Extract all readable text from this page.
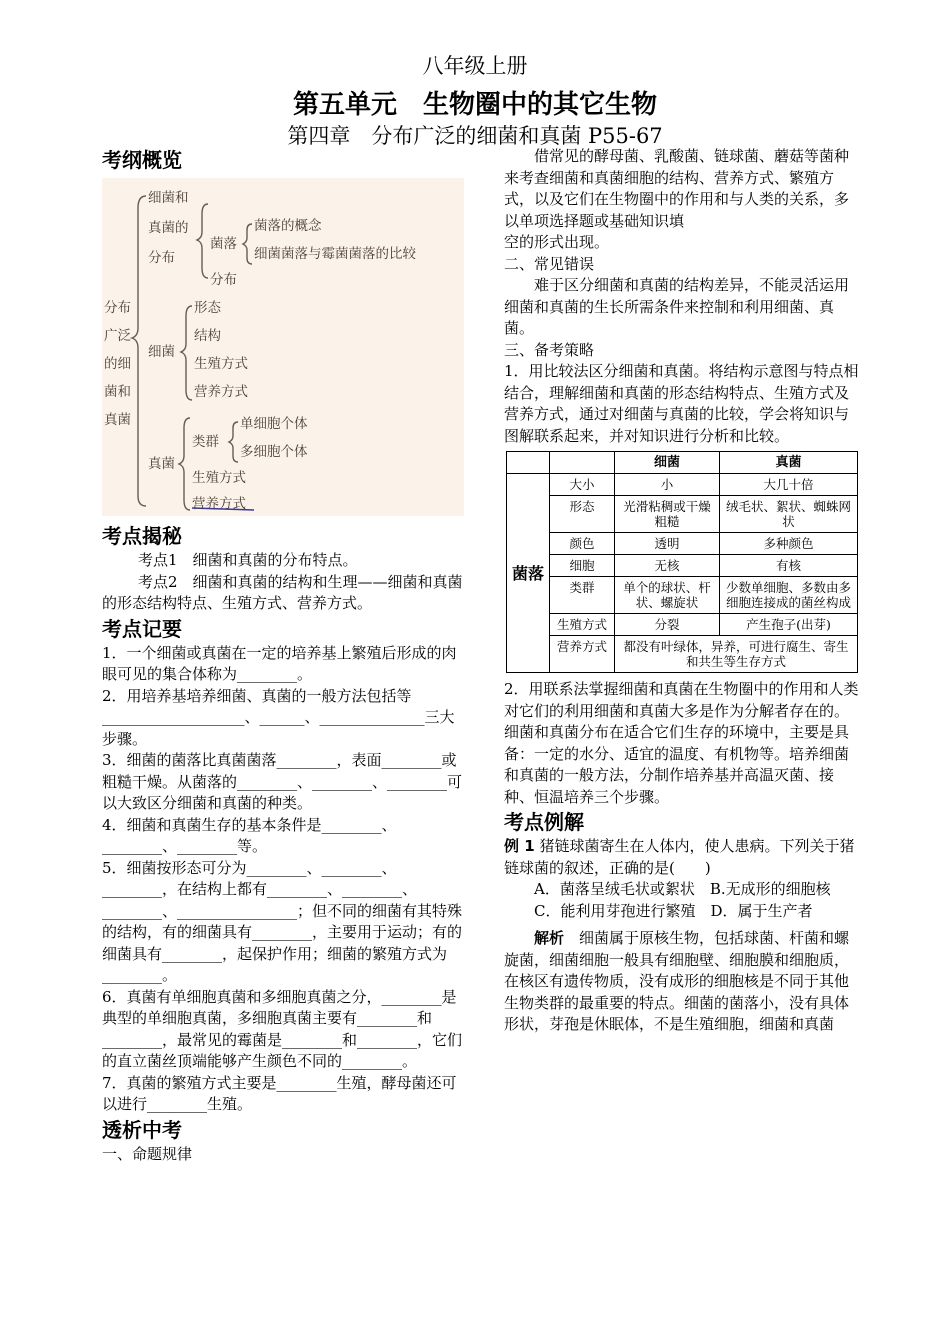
八年级上册
第五单元　生物圈中的其它生物
第四章　分布广泛的细菌和真菌 P55-67
考纲概览
分布
广泛
的细
菌和
真菌
细菌和
真菌的
分布
菌落
菌落的概念
细菌菌落与霉菌菌落的比较
分布
细菌
形态
结构
生殖方式
营养方式
真菌
类群
单细胞个体
多细胞个体
生殖方式
营养方式
考点揭秘

考点1　细菌和真菌的分布特点。

考点2　细菌和真菌的结构和生理——细菌和真菌的形态结构特点、生殖方式、营养方式。

考点记要

1．一个细菌或真菌在一定的培养基上繁殖后形成的肉眼可见的集合体称为________。

2．用培养基培养细菌、真菌的一般方法包括等___________________、______、______________三大步骤。

3．细菌的菌落比真菌菌落________，表面________或粗糙干燥。从菌落的________、________、________可以大致区分细菌和真菌的种类。

4．细菌和真菌生存的基本条件是________、________、________等。

5．细菌按形态可分为________、________、________，在结构上都有________、________、________、________________；但不同的细菌有其特殊的结构，有的细菌具有________，主要用于运动；有的细菌具有________，起保护作用；细菌的繁殖方式为________。

6．真菌有单细胞真菌和多细胞真菌之分，________是典型的单细胞真菌，多细胞真菌主要有________和________，最常见的霉菌是________和________，它们的直立菌丝顶端能够产生颜色不同的________。

7．真菌的繁殖方式主要是________生殖，酵母菌还可以进行________生殖。

透析中考

一、命题规律

借常见的酵母菌、乳酸菌、链球菌、蘑菇等菌种来考查细菌和真菌细胞的结构、营养方式、繁殖方式，以及它们在生物圈中的作用和与人类的关系，多以单项选择题或基础知识填

空的形式出现。

二、常见错误

难于区分细菌和真菌的结构差异，不能灵活运用细菌和真菌的生长所需条件来控制和利用细菌、真菌。

三、备考策略

1．用比较法区分细菌和真菌。将结构示意图与特点相结合，理解细菌和真菌的形态结构特点、生殖方式及营养方式，通过对细菌与真菌的比较，学会将知识与图解联系起来，并对知识进行分析和比较。

		细菌	真菌
菌落	大小	小	大几十倍
	形态	光滑粘稠或干燥粗糙	绒毛状、絮状、蜘蛛网状
	颜色	透明	多种颜色
	细胞	无核	有核
	类群	单个的球状、杆状、螺旋状	少数单细胞、多数由多细胞连接成的菌丝构成
	生殖方式	分裂	产生孢子(出芽)
	营养方式	都没有叶绿体，异养，可进行腐生、寄生和共生等生存方式	

2．用联系法掌握细菌和真菌在生物圈中的作用和人类对它们的利用细菌和真菌大多是作为分解者存在的。细菌和真菌分布在适合它们生存的环境中，主要是具备：一定的水分、适宜的温度、有机物等。培养细菌和真菌的一般方法，分制作培养基并高温灭菌、接种、恒温培养三个步骤。

考点例解

例 1 猪链球菌寄生在人体内，使人患病。下列关于猪链球菌的叙述，正确的是(　　)

A．菌落呈绒毛状或絮状　B.无成形的细胞核

C．能利用芽孢进行繁殖　D．属于生产者

解析　 细菌属于原核生物，包括球菌、杆菌和螺旋菌，细菌细胞一般具有细胞壁、细胞膜和细胞质，在核区有遗传物质，没有成形的细胞核是不同于其他生物类群的最重要的特点。细菌的菌落小，没有具体形状，芽孢是休眠体，不是生殖细胞，细菌和真菌
